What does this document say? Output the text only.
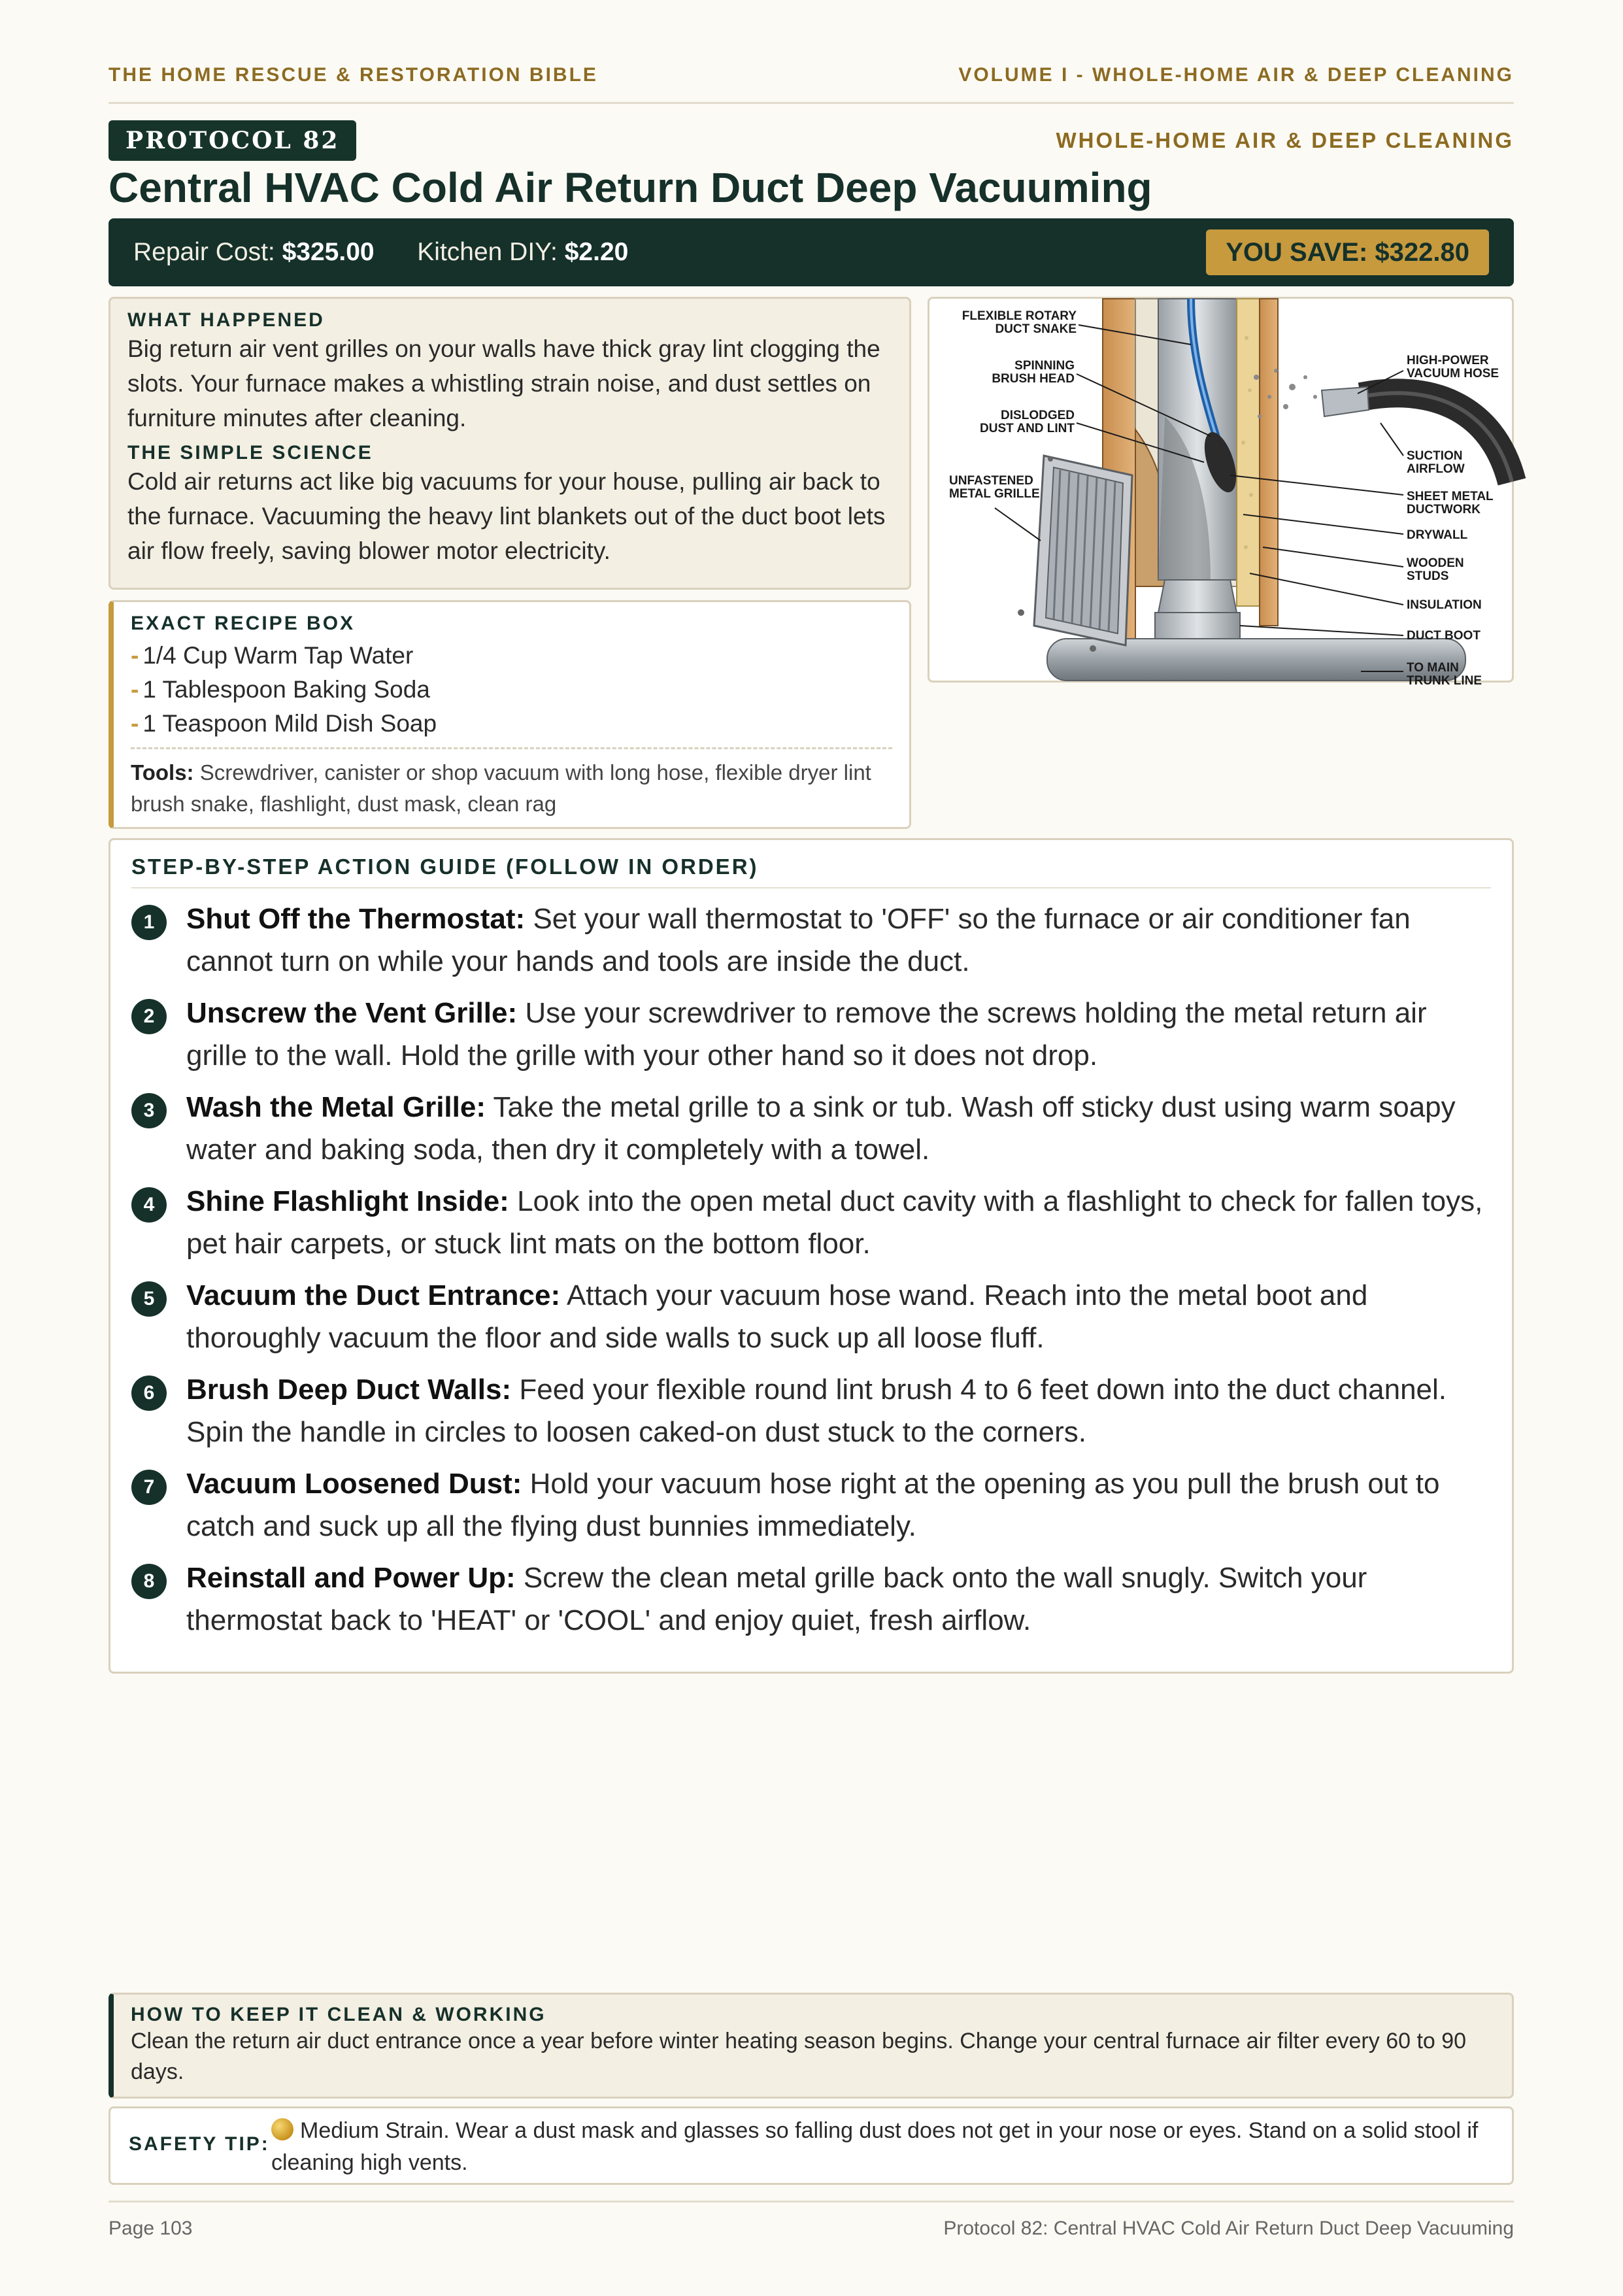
THE HOME RESCUE & RESTORATION BIBLE	VOLUME I - WHOLE-HOME AIR & DEEP CLEANING
PROTOCOL 82	WHOLE-HOME AIR & DEEP CLEANING
Central HVAC Cold Air Return Duct Deep Vacuuming
Repair Cost: $325.00 Kitchen DIY: $2.20	YOU SAVE: $322.80
WHAT HAPPENED
Big return air vent grilles on your walls have thick gray lint clogging the slots. Your furnace makes a whistling strain noise, and dust settles on furniture minutes after cleaning.
THE SIMPLE SCIENCE
Cold air returns act like big vacuums for your house, pulling air back to the furnace. Vacuuming the heavy lint blankets out of the duct boot lets air flow freely, saving blower motor electricity.
FLEXIBLE ROTARY
DUCT SNAKE
SPINNING
BRUSH HEAD
DISLODGED
DUST AND LINT
UNFASTENED
METAL GRILLE
HIGH-POWER
VACUUM HOSE
SUCTION
AIRFLOW
SHEET METAL
DUCTWORK
DRYWALL
WOODEN
STUDS
INSULATION
DUCT BOOT
TO MAIN
TRUNK LINE
EXACT RECIPE BOX
- 1/4 Cup Warm Tap Water
- 1 Tablespoon Baking Soda
- 1 Teaspoon Mild Dish Soap
Tools: Screwdriver, canister or shop vacuum with long hose, flexible dryer lint brush snake, flashlight, dust mask, clean rag
STEP-BY-STEP ACTION GUIDE (FOLLOW IN ORDER)
1	Shut Off the Thermostat: Set your wall thermostat to 'OFF' so the furnace or air conditioner fan cannot turn on while your hands and tools are inside the duct.
2	Unscrew the Vent Grille: Use your screwdriver to remove the screws holding the metal return air grille to the wall. Hold the grille with your other hand so it does not drop.
3	Wash the Metal Grille: Take the metal grille to a sink or tub. Wash off sticky dust using warm soapy water and baking soda, then dry it completely with a towel.
4	Shine Flashlight Inside: Look into the open metal duct cavity with a flashlight to check for fallen toys, pet hair carpets, or stuck lint mats on the bottom floor.
5	Vacuum the Duct Entrance: Attach your vacuum hose wand. Reach into the metal boot and thoroughly vacuum the floor and side walls to suck up all loose fluff.
6	Brush Deep Duct Walls: Feed your flexible round lint brush 4 to 6 feet down into the duct channel. Spin the handle in circles to loosen caked-on dust stuck to the corners.
7	Vacuum Loosened Dust: Hold your vacuum hose right at the opening as you pull the brush out to catch and suck up all the flying dust bunnies immediately.
8	Reinstall and Power Up: Screw the clean metal grille back onto the wall snugly. Switch your thermostat back to 'HEAT' or 'COOL' and enjoy quiet, fresh airflow.
HOW TO KEEP IT CLEAN & WORKING
Clean the return air duct entrance once a year before winter heating season begins. Change your central furnace air filter every 60 to 90 days.
SAFETY TIP:
Medium Strain. Wear a dust mask and glasses so falling dust does not get in your nose or eyes. Stand on a solid stool if cleaning high vents.
Page 103	Protocol 82: Central HVAC Cold Air Return Duct Deep Vacuuming
